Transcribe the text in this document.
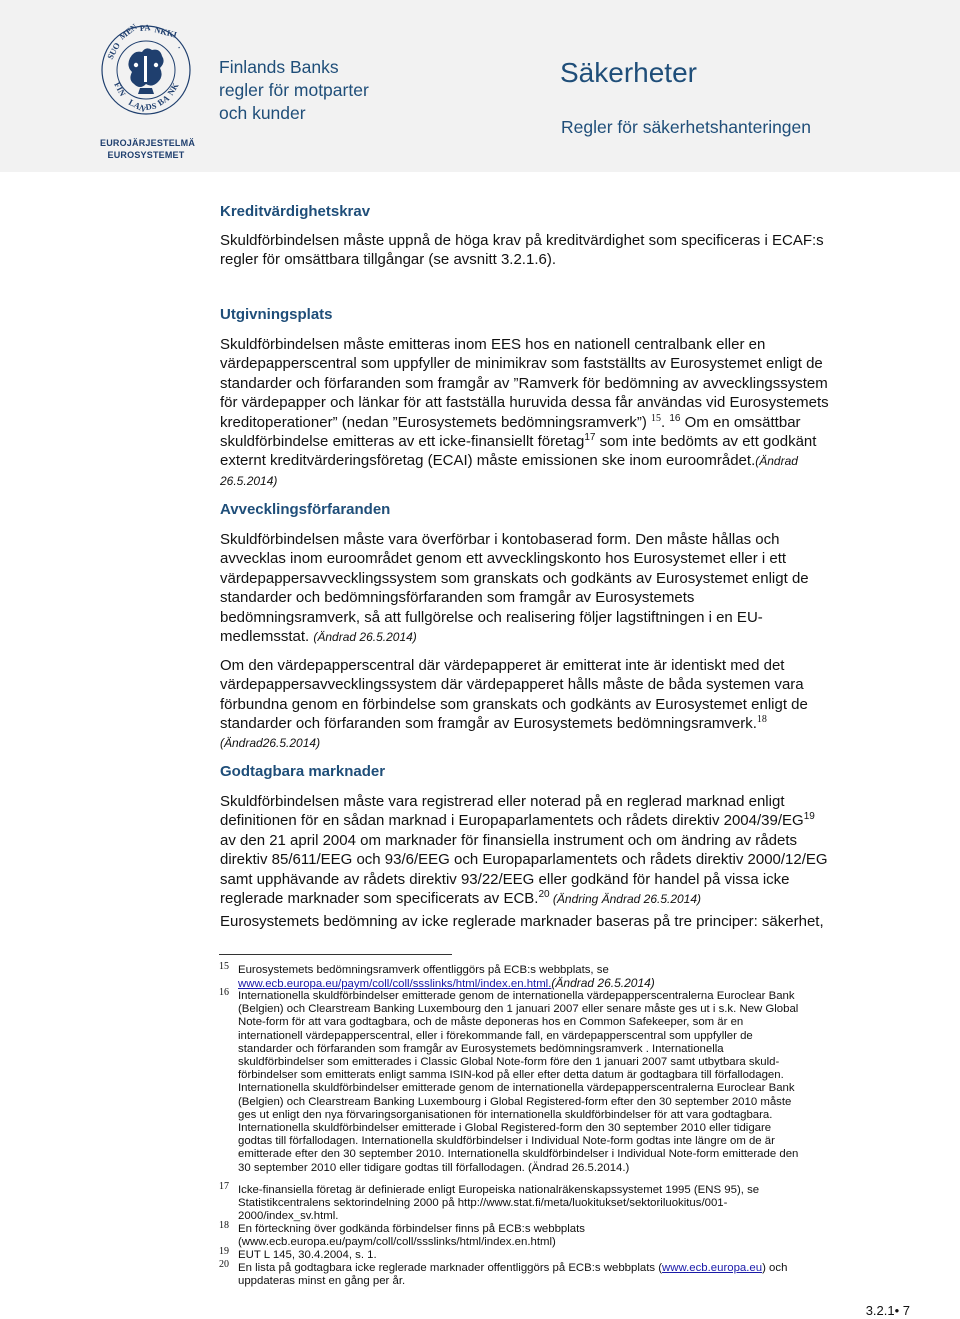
SUO
MEN PA NKKI
·
FIN
LAN
DS
BA
NK
EUROJÄRJESTELMÄ
EUROSYSTEMET
Finlands Banks
regler för motparter
och kunder
Säkerheter
Regler för säkerhetshanteringen
Kreditvärdighetskrav
Skuldförbindelsen måste uppnå de höga krav på kreditvärdighet som specificeras i ECAF:s
regler för omsättbara tillgångar (se avsnitt 3.2.1.6).
Utgivningsplats
Skuldförbindelsen måste emitteras inom EES hos en nationell centralbank eller en
värdepapperscentral som uppfyller de minimikrav som fastställts av Eurosystemet enligt de
standarder och förfaranden som framgår av ”Ramverk för bedömning av avvecklingssystem
för värdepapper och länkar för att fastställa huruvida dessa får användas vid Eurosystemets
kreditoperationer” (nedan ”Eurosystemets bedömningsramverk”) $^{15}$. $^{16}$ Om en omsättbar
skuldförbindelse emitteras av ett icke-finansiellt företag$^{17}$ som inte bedömts av ett godkänt
externt kreditvärderingsföretag (ECAI) måste emissionen ske inom euroområdet.(Ändrad
26.5.2014)
Avvecklingsförfaranden
Skuldförbindelsen måste vara överförbar i kontobaserad form. Den måste hållas och
avvecklas inom euroområdet genom ett avvecklingskonto hos Eurosystemet eller i ett
värdepappersavvecklingssystem som granskats och godkänts av Eurosystemet enligt de
standarder och bedömningsförfaranden som framgår av Eurosystemets
bedömningsramverk, så att fullgörelse och realisering följer lagstiftningen i en EU-
medlemsstat. (Ändrad 26.5.2014)
Om den värdepapperscentral där värdepapperet är emitterat inte är identiskt med det
värdepappersavvecklingssystem där värdepapperet hålls måste de båda systemen vara
förbundna genom en förbindelse som granskats och godkänts av Eurosystemet enligt de
standarder och förfaranden som framgår av Eurosystemets bedömningsramverk.$^{18}$
(Ändrad26.5.2014)
Godtagbara marknader
Skuldförbindelsen måste vara registrerad eller noterad på en reglerad marknad enligt
definitionen för en sådan marknad i Europaparlamentets och rådets direktiv 2004/39/EG$^{19}$
av den 21 april 2004 om marknader för finansiella instrument och om ändring av rådets
direktiv 85/611/EEG och 93/6/EEG och Europaparlamentets och rådets direktiv 2000/12/EG
samt upphävande av rådets direktiv 93/22/EEG eller godkänd för handel på vissa icke
reglerade marknader som specificerats av ECB.$^{20}$ (Ändring Ändrad 26.5.2014)
Eurosystemets bedömning av icke reglerade marknader baseras på tre principer: säkerhet,
15 Eurosystemets bedömningsramverk offentliggörs på ECB:s webbplats, se
www.ecb.europa.eu/paym/coll/coll/ssslinks/html/index.en.html.(Ändrad 26.5.2014)
16 Internationella skuldförbindelser emitterade genom de internationella värdepapperscentralerna Euroclear Bank
(Belgien) och Clearstream Banking Luxembourg den 1 januari 2007 eller senare måste ges ut i s.k. New Global
Note-form för att vara godtagbara, och de måste deponeras hos en Common Safekeeper, som är en
internationell värdepapperscentral, eller i förekommande fall, en värdepapperscentral som uppfyller de
standarder och förfaranden som framgår av Eurosystemets bedömningsramverk . Internationella
skuldförbindelser som emitterades i Classic Global Note-form före den 1 januari 2007 samt utbytbara skuld-
förbindelser som emitterats enligt samma ISIN-kod på eller efter detta datum är godtagbara till förfallodagen.
Internationella skuldförbindelser emitterade genom de internationella värdepapperscentralerna Euroclear Bank
(Belgien) och Clearstream Banking Luxembourg i Global Registered-form efter den 30 september 2010 måste
ges ut enligt den nya förvaringsorganisationen för internationella skuldförbindelser för att vara godtagbara.
Internationella skuldförbindelser emitterade i Global Registered-form den 30 september 2010 eller tidigare
godtas till förfallodagen. Internationella skuldförbindelser i Individual Note-form godtas inte längre om de är
emitterade efter den 30 september 2010. Internationella skuldförbindelser i Individual Note-form emitterade den
30 september 2010 eller tidigare godtas till förfallodagen. (Ändrad 26.5.2014.)
17 Icke-finansiella företag är definierade enligt Europeiska nationalräkenskapssystemet 1995 (ENS 95), se
Statistikcentralens sektorindelning 2000 på http://www.stat.fi/meta/luokitukset/sektoriluokitus/001-
2000/index_sv.html.
18 En förteckning över godkända förbindelser finns på ECB:s webbplats
(www.ecb.europa.eu/paym/coll/coll/ssslinks/html/index.en.html)
19 EUT L 145, 30.4.2004, s. 1.
20 En lista på godtagbara icke reglerade marknader offentliggörs på ECB:s webbplats (www.ecb.europa.eu) och
uppdateras minst en gång per år.
3.2.1• 7
